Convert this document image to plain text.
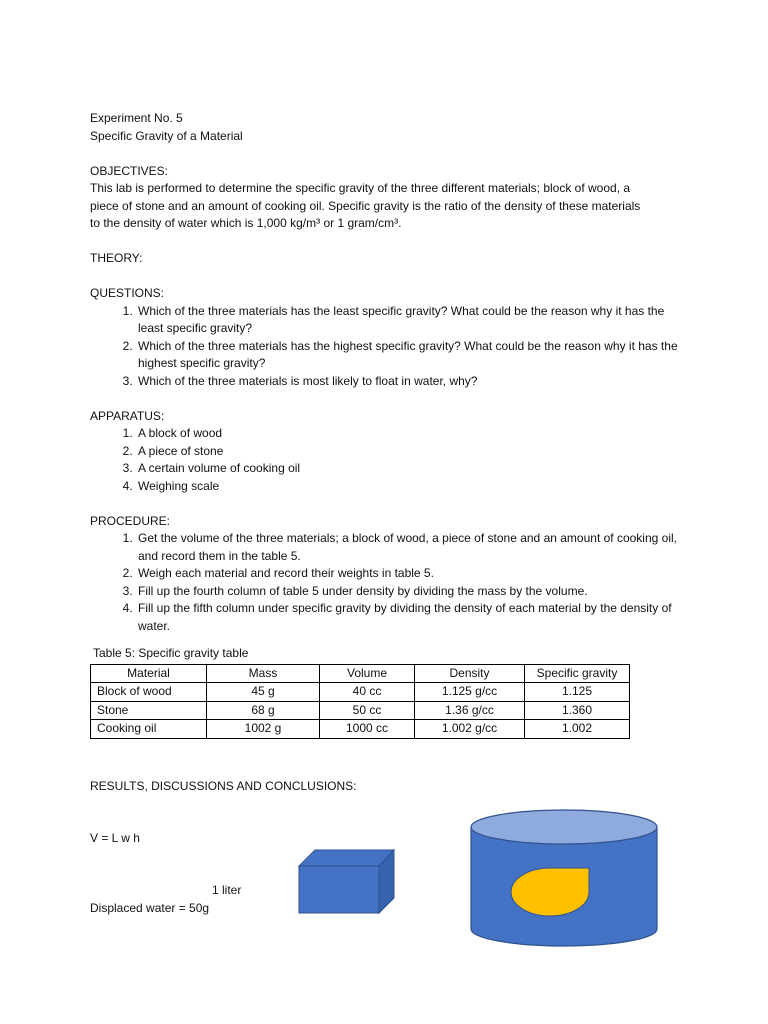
Experiment No. 5
Specific Gravity of a Material
OBJECTIVES:
This lab is performed to determine the specific gravity of the three different materials; block of wood, a
piece of stone and an amount of cooking oil. Specific gravity is the ratio of the density of these materials
to the density of water which is 1,000 kg/m³ or 1 gram/cm³.
THEORY:
QUESTIONS:
1. Which of the three materials has the least specific gravity? What could be the reason why it has the least specific gravity?
2. Which of the three materials has the highest specific gravity? What could be the reason why it has the highest specific gravity?
3. Which of the three materials is most likely to float in water, why?
APPARATUS:
1. A block of wood
2. A piece of stone
3. A certain volume of cooking oil
4. Weighing scale
PROCEDURE:
1. Get the volume of the three materials; a block of wood, a piece of stone and an amount of cooking oil, and record them in the table 5.
2. Weigh each material and record their weights in table 5.
3. Fill up the fourth column of table 5 under density by dividing the mass by the volume.
4. Fill up the fifth column under specific gravity by dividing the density of each material by the density of water.
Table 5: Specific gravity table
Material	Mass	Volume	Density	Specific gravity
Block of wood	45 g	40 cc	1.125 g/cc	1.125
Stone	68 g	50 cc	1.36 g/cc	1.360
Cooking oil	1002 g	1000 cc	1.002 g/cc	1.002
RESULTS, DISCUSSIONS AND CONCLUSIONS:
V = L w h
1 liter
Displaced water = 50g
